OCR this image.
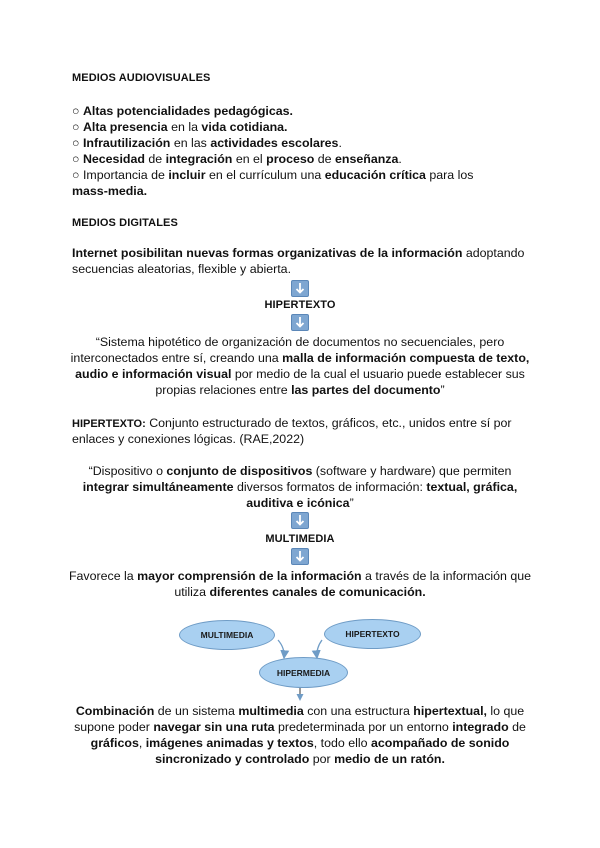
MEDIOS AUDIOVISUALES
○ Altas potencialidades pedagógicas.
○ Alta presencia en la vida cotidiana.
○ Infrautilización en las actividades escolares.
○ Necesidad de integración en el proceso de enseñanza.
○ Importancia de incluir en el currículum una educación crítica para los
mass-media.
MEDIOS DIGITALES
Internet posibilitan nuevas formas organizativas de la información adoptando
secuencias aleatorias, flexible y abierta.
HIPERTEXTO
“Sistema hipotético de organización de documentos no secuenciales, pero
interconectados entre sí, creando una malla de información compuesta de texto,
audio e información visual por medio de la cual el usuario puede establecer sus
propias relaciones entre las partes del documento”
HIPERTEXTO: Conjunto estructurado de textos, gráficos, etc., unidos entre sí por
enlaces y conexiones lógicas. (RAE,2022)
“Dispositivo o conjunto de dispositivos (software y hardware) que permiten
integrar simultáneamente diversos formatos de información: textual, gráfica,
auditiva e icónica”
MULTIMEDIA
Favorece la mayor comprensión de la información a través de la información que
utiliza diferentes canales de comunicación.
MULTIMEDIA	HIPERTEXTO
HIPERMEDIA
Combinación de un sistema multimedia con una estructura hipertextual, lo que
supone poder navegar sin una ruta predeterminada por un entorno integrado de
gráficos, imágenes animadas y textos, todo ello acompañado de sonido
sincronizado y controlado por medio de un ratón.
